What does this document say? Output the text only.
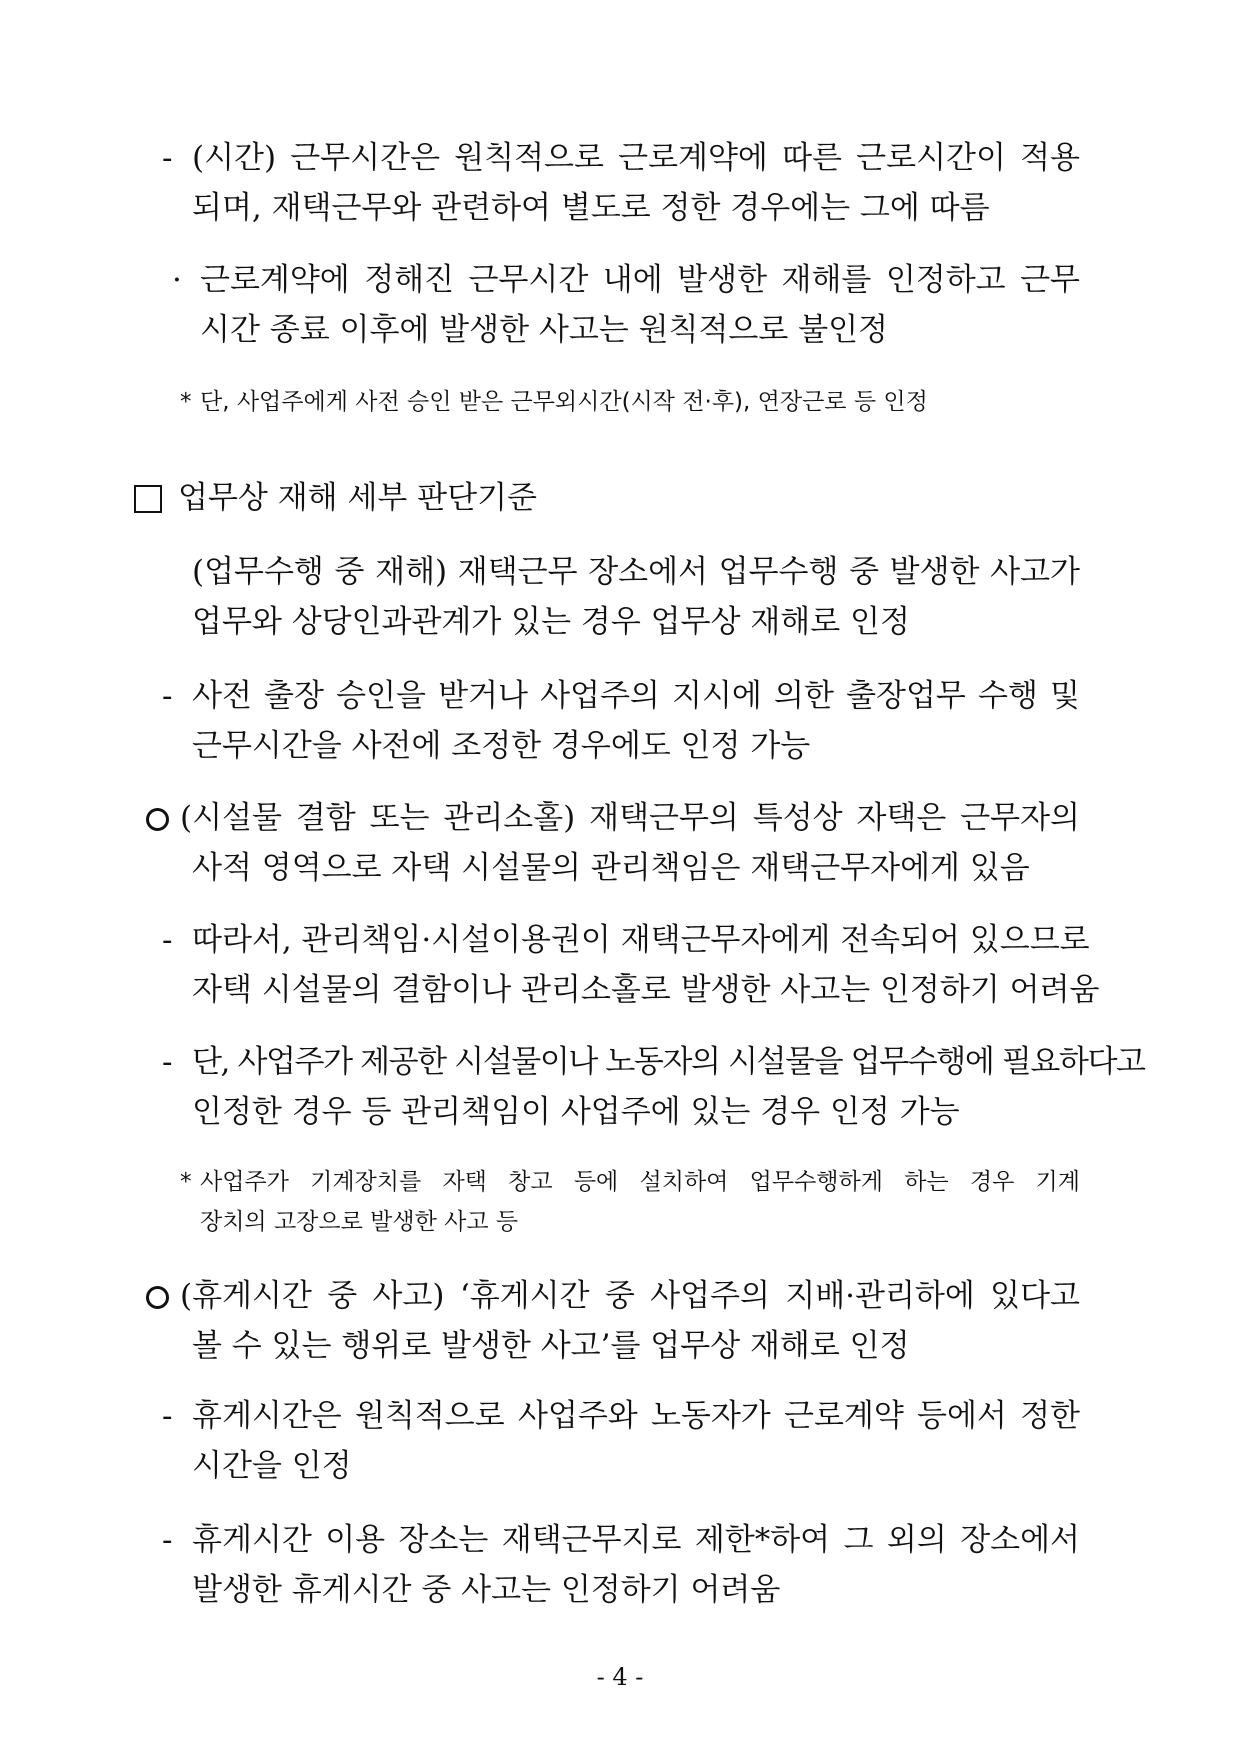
- (시간) 근무시간은 원칙적으로 근로계약에 따른 근로시간이 적용
되며, 재택근무와 관련하여 별도로 정한 경우에는 그에 따름
· 근로계약에 정해진 근무시간 내에 발생한 재해를 인정하고 근무
시간 종료 이후에 발생한 사고는 원칙적으로 불인정
* 단, 사업주에게 사전 승인 받은 근무외시간(시작 전·후), 연장근로 등 인정
업무상 재해 세부 판단기준
(업무수행 중 재해) 재택근무 장소에서 업무수행 중 발생한 사고가
업무와 상당인과관계가 있는 경우 업무상 재해로 인정
- 사전 출장 승인을 받거나 사업주의 지시에 의한 출장업무 수행 및
근무시간을 사전에 조정한 경우에도 인정 가능
(시설물 결함 또는 관리소홀) 재택근무의 특성상 자택은 근무자의
사적 영역으로 자택 시설물의 관리책임은 재택근무자에게 있음
- 따라서, 관리책임·시설이용권이 재택근무자에게 전속되어 있으므로
자택 시설물의 결함이나 관리소홀로 발생한 사고는 인정하기 어려움
- 단, 사업주가 제공한 시설물이나 노동자의 시설물을 업무수행에 필요하다고
인정한 경우 등 관리책임이 사업주에 있는 경우 인정 가능
* 사업주가 기계장치를 자택 창고 등에 설치하여 업무수행하게 하는 경우 기계
장치의 고장으로 발생한 사고 등
(휴게시간 중 사고) ‘휴게시간 중 사업주의 지배·관리하에 있다고
볼 수 있는 행위로 발생한 사고’를 업무상 재해로 인정
- 휴게시간은 원칙적으로 사업주와 노동자가 근로계약 등에서 정한
시간을 인정
- 휴게시간 이용 장소는 재택근무지로 제한*하여 그 외의 장소에서
발생한 휴게시간 중 사고는 인정하기 어려움
- 4 -
